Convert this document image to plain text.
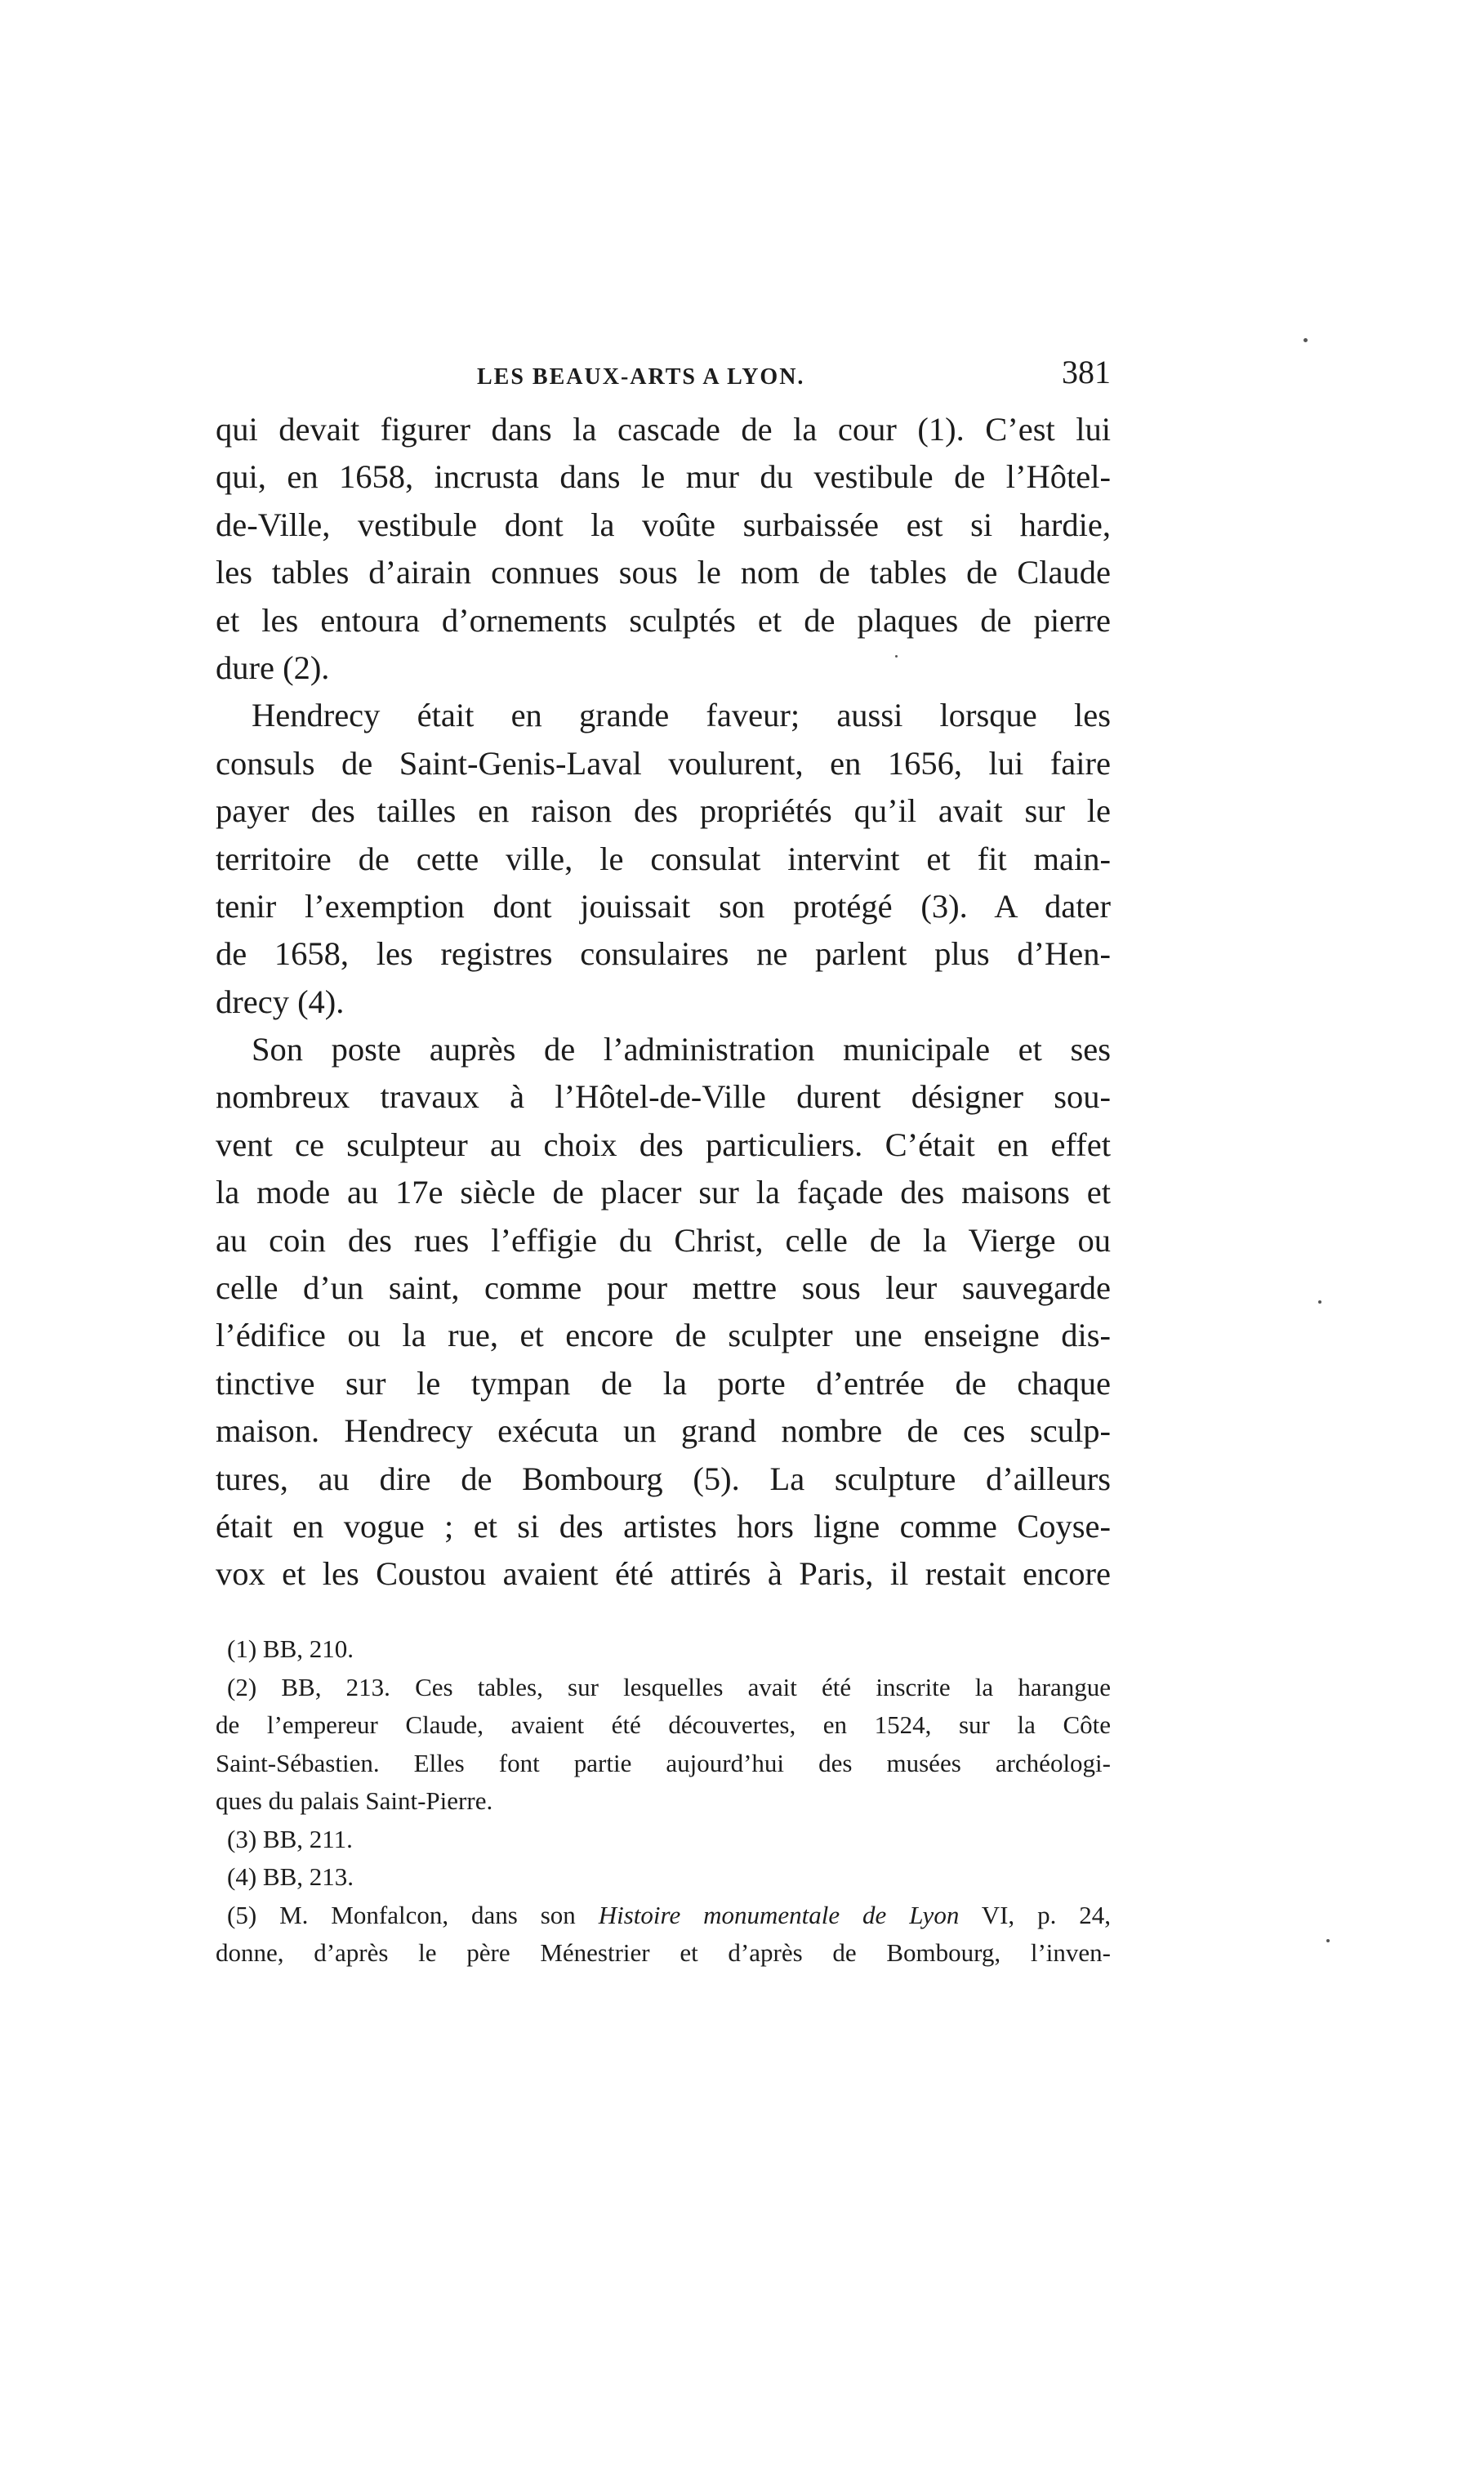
LES BEAUX-ARTS A LYON.	381
qui devait figurer dans la cascade de la cour (1). C’est lui
qui, en 1658, incrusta dans le mur du vestibule de l’Hôtel-
de-Ville, vestibule dont la voûte surbaissée est si hardie,
les tables d’airain connues sous le nom de tables de Claude
et les entoura d’ornements sculptés et de plaques de pierre
dure (2).
Hendrecy était en grande faveur; aussi lorsque les
consuls de Saint-Genis-Laval voulurent, en 1656, lui faire
payer des tailles en raison des propriétés qu’il avait sur le
territoire de cette ville, le consulat intervint et fit main-
tenir l’exemption dont jouissait son protégé (3). A dater
de 1658, les registres consulaires ne parlent plus d’Hen-
drecy (4).
Son poste auprès de l’administration municipale et ses
nombreux travaux à l’Hôtel-de-Ville durent désigner sou-
vent ce sculpteur au choix des particuliers. C’était en effet
la mode au 17e siècle de placer sur la façade des maisons et
au coin des rues l’effigie du Christ, celle de la Vierge ou
celle d’un saint, comme pour mettre sous leur sauvegarde
l’édifice ou la rue, et encore de sculpter une enseigne dis-
tinctive sur le tympan de la porte d’entrée de chaque
maison. Hendrecy exécuta un grand nombre de ces sculp-
tures, au dire de Bombourg (5). La sculpture d’ailleurs
était en vogue ; et si des artistes hors ligne comme Coyse-
vox et les Coustou avaient été attirés à Paris, il restait encore
(1) BB, 210.
(2) BB, 213. Ces tables, sur lesquelles avait été inscrite la harangue
de l’empereur Claude, avaient été découvertes, en 1524, sur la Côte
Saint-Sébastien. Elles font partie aujourd’hui des musées archéologi-
ques du palais Saint-Pierre.
(3) BB, 211.
(4) BB, 213.
(5) M. Monfalcon, dans son Histoire monumentale de Lyon VI, p. 24,
donne, d’après le père Ménestrier et d’après de Bombourg, l’inven-
